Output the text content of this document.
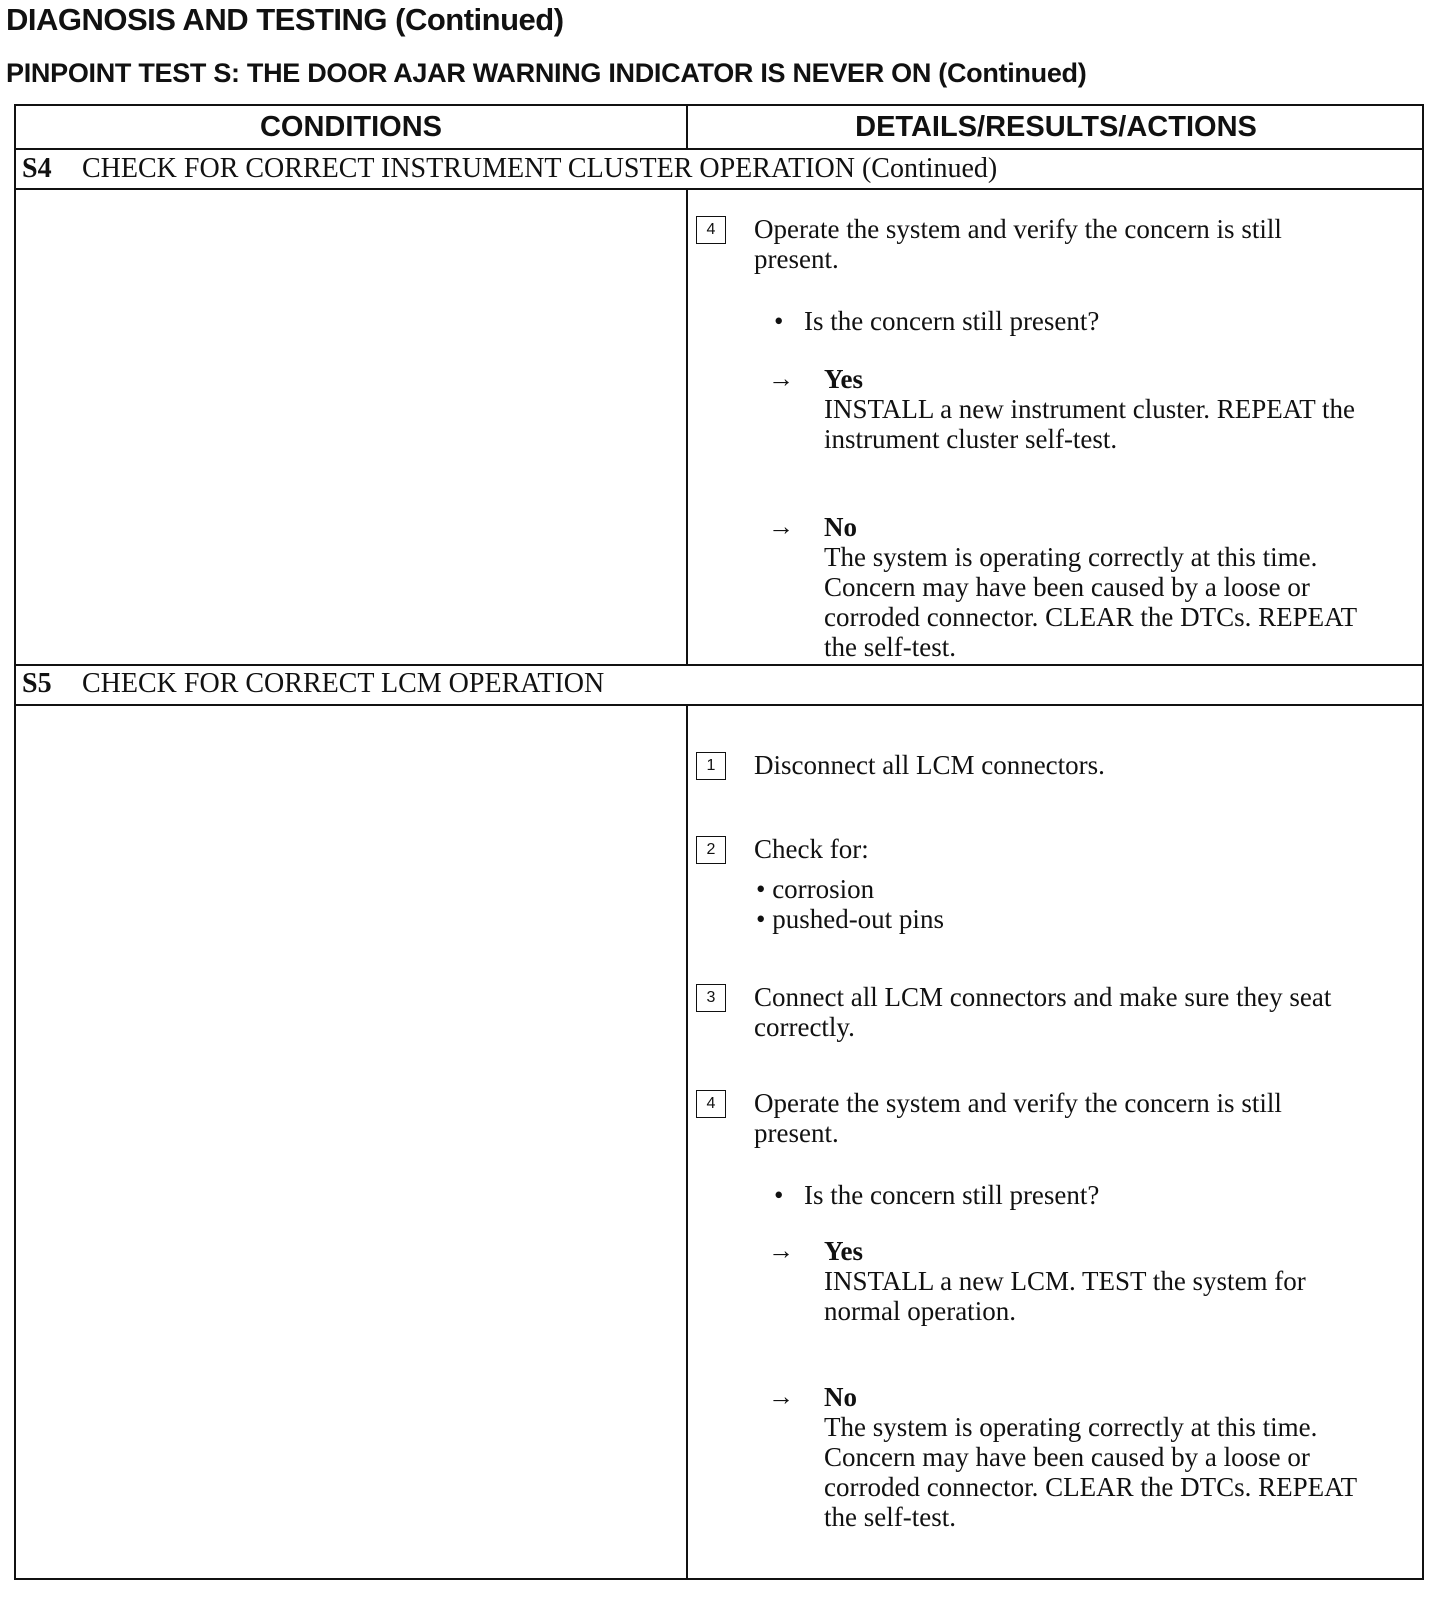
DIAGNOSIS AND TESTING (Continued)
PINPOINT TEST S: THE DOOR AJAR WARNING INDICATOR IS NEVER ON (Continued)
CONDITIONS	DETAILS/RESULTS/ACTIONS
S4 CHECK FOR CORRECT INSTRUMENT CLUSTER OPERATION (Continued)
4	Operate the system and verify the concern is still present.
• Is the concern still present?
→ Yes
INSTALL a new instrument cluster. REPEAT the instrument cluster self-test.
→ No
The system is operating correctly at this time. Concern may have been caused by a loose or corroded connector. CLEAR the DTCs. REPEAT the self-test.
S5 CHECK FOR CORRECT LCM OPERATION
1	Disconnect all LCM connectors.
2	Check for:
• corrosion
• pushed-out pins
3	Connect all LCM connectors and make sure they seat correctly.
4	Operate the system and verify the concern is still present.
• Is the concern still present?
→ Yes
INSTALL a new LCM. TEST the system for normal operation.
→ No
The system is operating correctly at this time. Concern may have been caused by a loose or corroded connector. CLEAR the DTCs. REPEAT the self-test.
